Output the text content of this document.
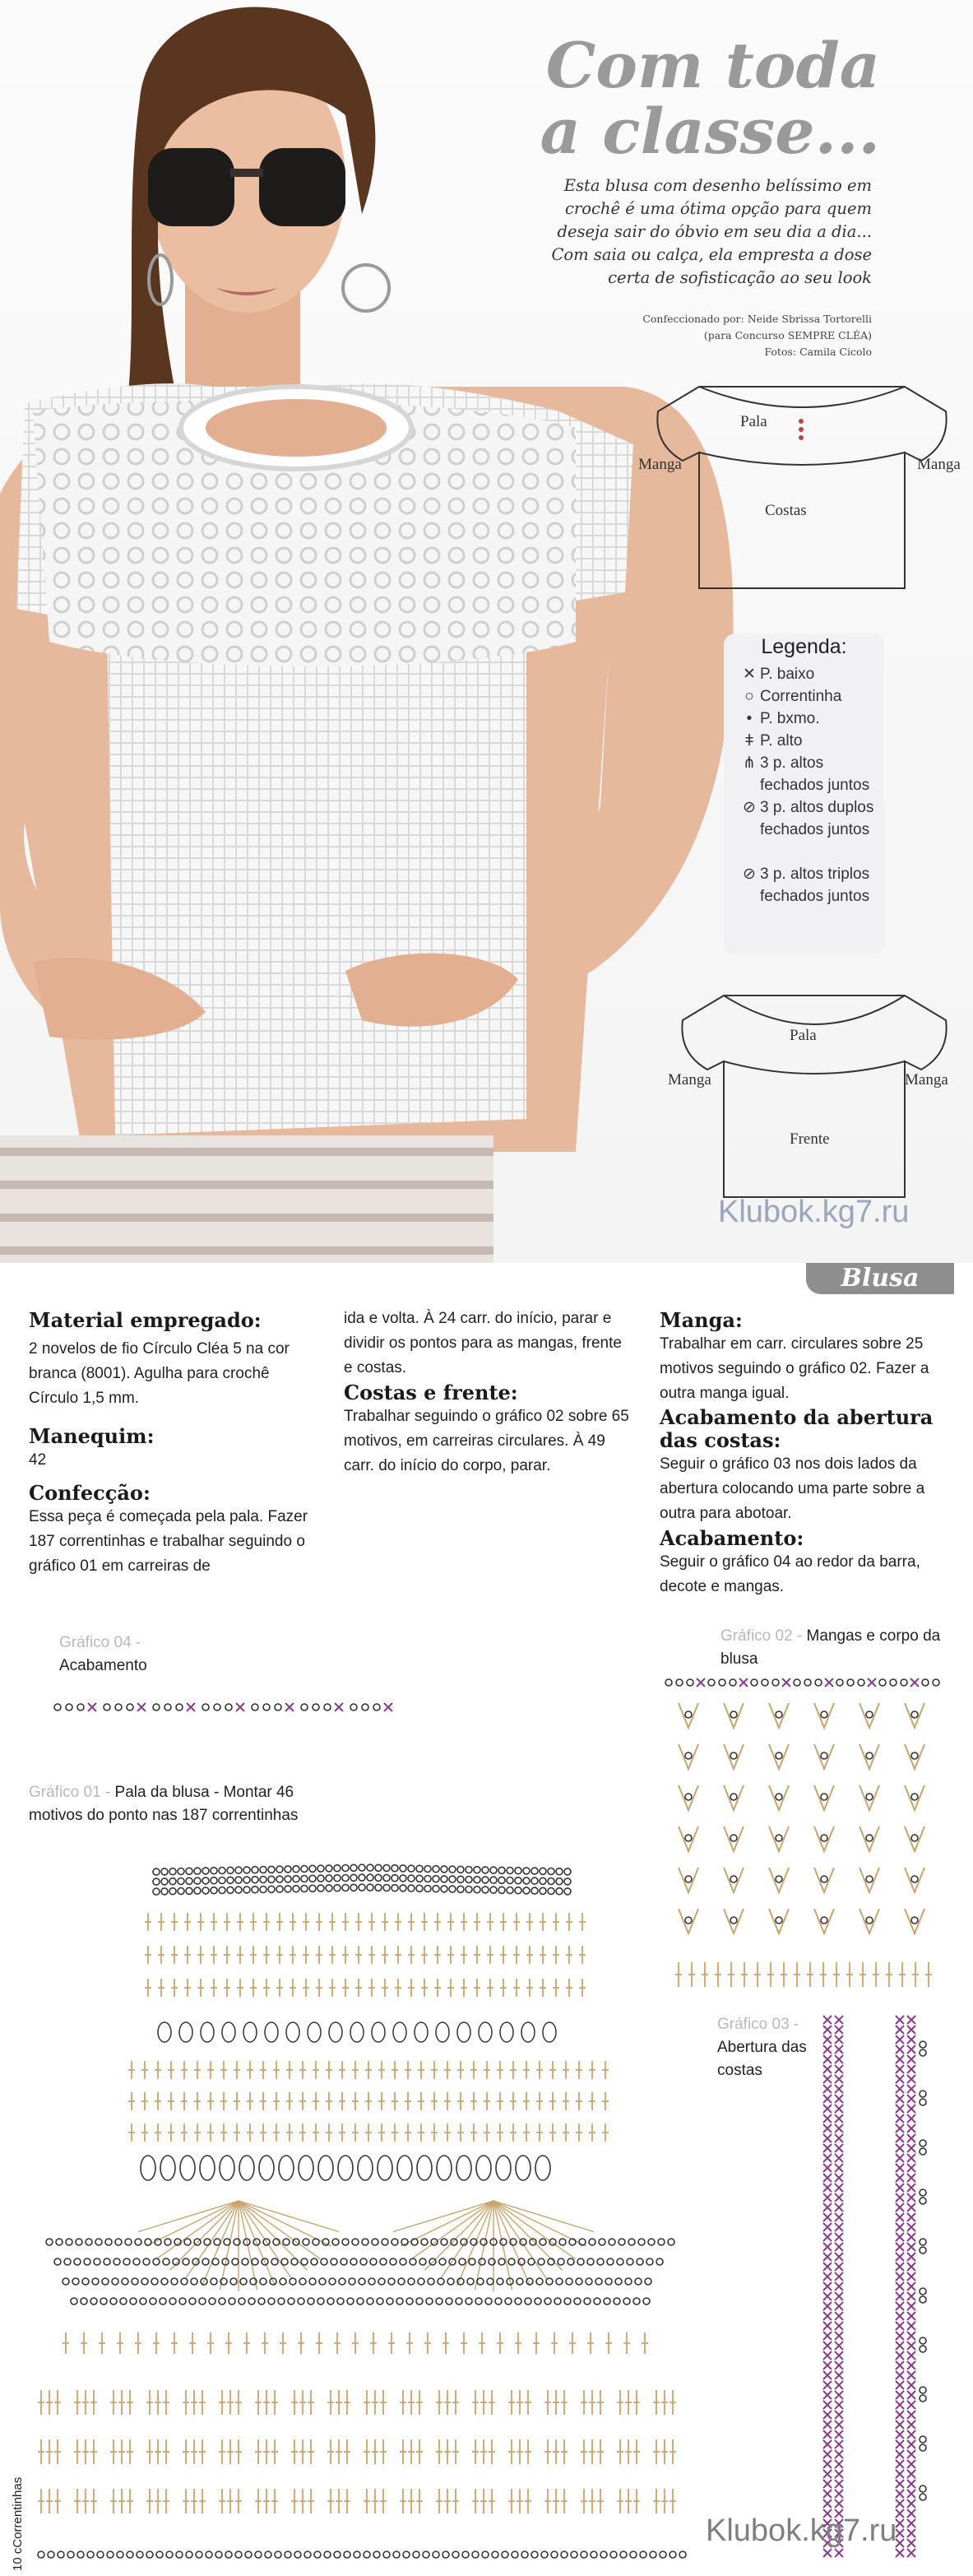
Com toda
a classe...
Esta blusa com desenho belíssimo em crochê é uma ótima opção para quem deseja sair do óbvio em seu dia a dia... Com saia ou calça, ela empresta a dose certa de sofisticação ao seu look
Confeccionado por: Neide Sbrissa Tortorelli
(para Concurso SEMPRE CLÉA)
Fotos: Camila Cicolo
Pala
Manga	Manga
Costas
Legenda:
✕ P. baixo
○ Correntinha
• P. bxmo.
ǂ P. alto
⋔ 3 p. altos fechados juntos
⊘ 3 p. altos duplos fechados juntos
⊘ 3 p. altos triplos fechados juntos
Pala
Manga	Manga
Frente
Klubok.kg7.ru
Blusa

Material empregado:

2 novelos de fio Círculo Cléa 5 na cor branca (8001). Agulha para crochê Círculo 1,5 mm.

Manequim:

42

Confecção:

Essa peça é começada pela pala. Fazer 187 correntinhas e trabalhar seguindo o gráfico 01 em carreiras de

ida e volta. À 24 carr. do início, parar e dividir os pontos para as mangas, frente e costas.

Costas e frente:

Trabalhar seguindo o gráfico 02 sobre 65 motivos, em carreiras circulares. À 49 carr. do início do corpo, parar.

Manga:

Trabalhar em carr. circulares sobre 25 motivos seguindo o gráfico 02. Fazer a outra manga igual.

Acabamento da abertura das costas:

Seguir o gráfico 03 nos dois lados da abertura colocando uma parte sobre a outra para abotoar.

Acabamento:

Seguir o gráfico 04 ao redor da barra, decote e mangas.

Gráfico 04 -
Acabamento
Gráfico 01 - Pala da blusa - Montar 46 motivos do ponto nas 187 correntinhas
Gráfico 02 - Mangas e corpo da blusa
Gráfico 03 -
Abertura das costas
10 cCorrentinhas	Klubok.kg7.ru
